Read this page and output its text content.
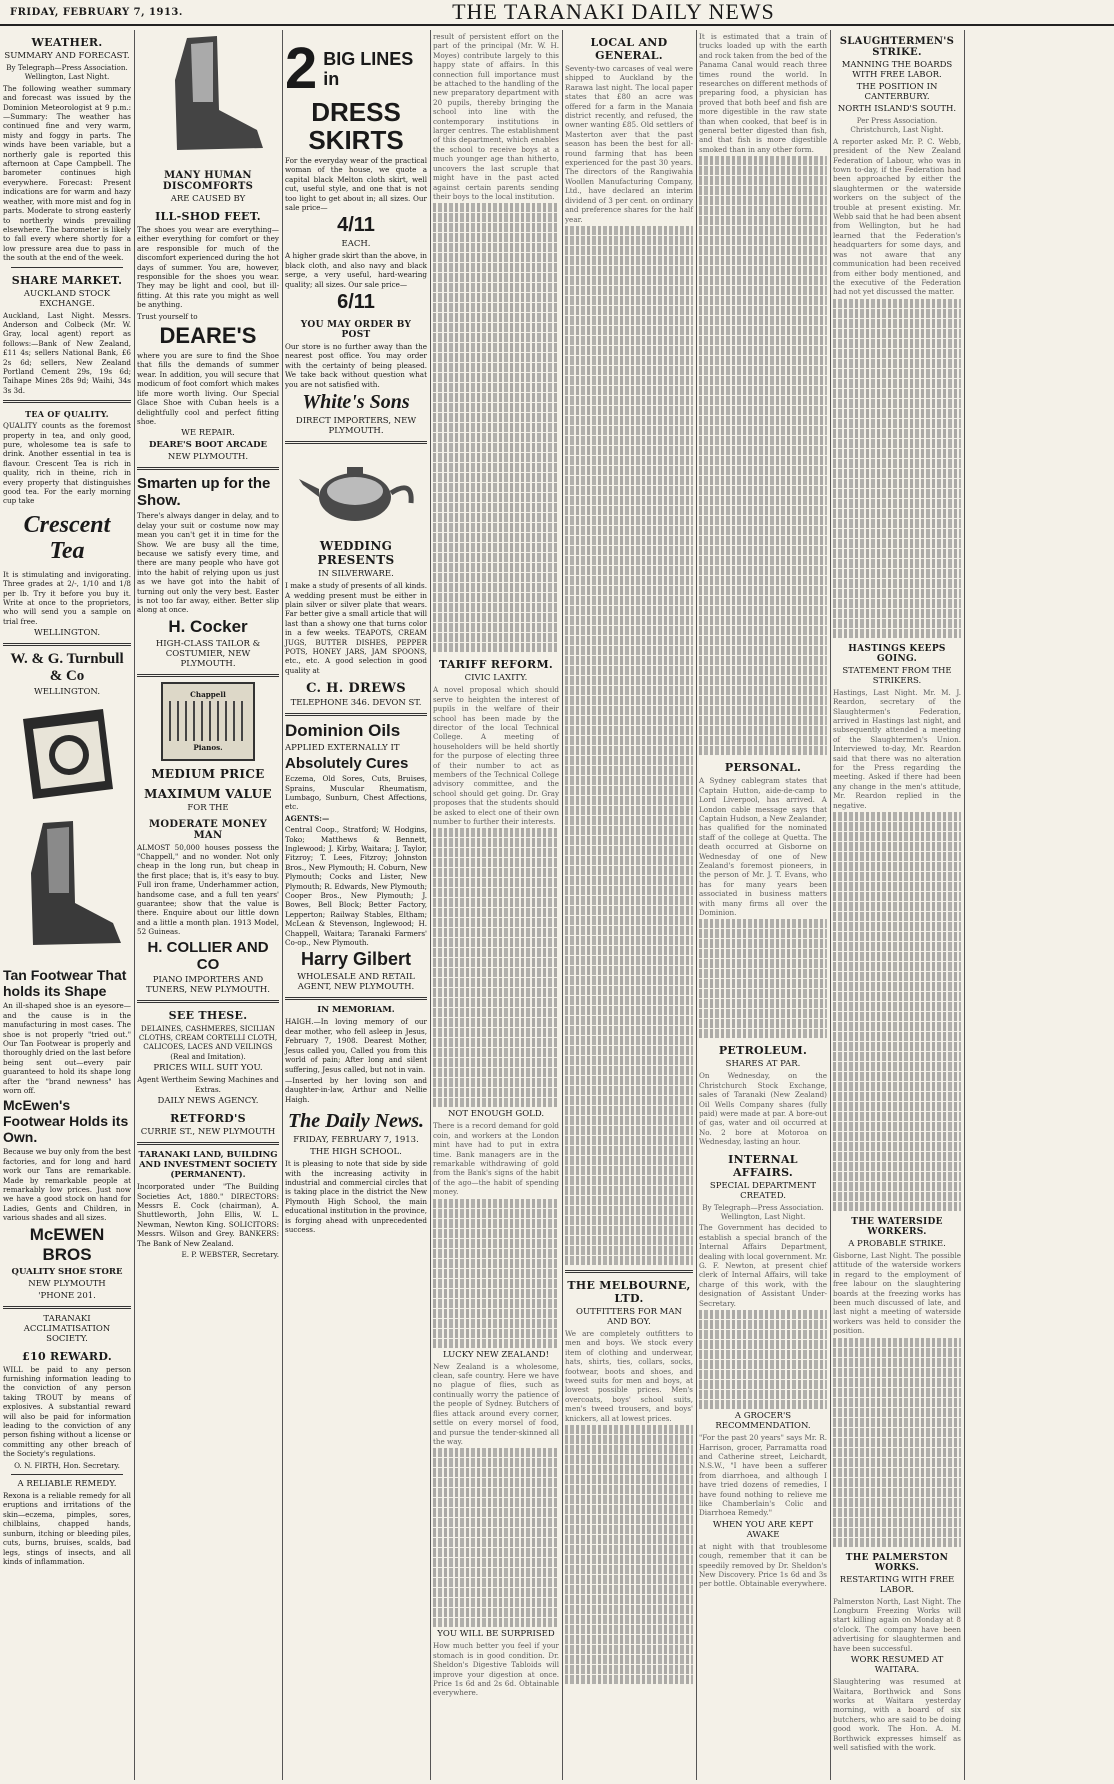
FRIDAY, FEBRUARY 7, 1913.	THE TARANAKI DAILY NEWS
WEATHER.
SUMMARY AND FORECAST.
By Telegraph—Press Association. Wellington, Last Night.
The following weather summary and forecast was issued by the Dominion Meteorologist at 9 p.m.:—Summary: The weather has continued fine and very warm, misty and foggy in parts. The winds have been variable, but a northerly gale is reported this afternoon at Cape Campbell. The barometer continues high everywhere. Forecast: Present indications are for warm and hazy weather, with more mist and fog in parts. Moderate to strong easterly to northerly winds prevailing elsewhere. The barometer is likely to fall every where shortly for a low pressure area due to pass in the south at the end of the week.
SHARE MARKET.
AUCKLAND STOCK EXCHANGE.
Auckland, Last Night. Messrs. Anderson and Colbeck (Mr. W. Gray, local agent) report as follows:—Bank of New Zealand, £11 4s; sellers National Bank, £6 2s 6d; sellers, New Zealand Portland Cement 29s, 19s 6d; Taihape Mines 28s 9d; Waihi, 34s 3s 3d.
TEA OF QUALITY.
QUALITY counts as the foremost property in tea, and only good, pure, wholesome tea is safe to drink. Another essential in tea is flavour. Crescent Tea is rich in quality, rich in theine, rich in every property that distinguishes good tea. For the early morning cup take
Crescent Tea
It is stimulating and invigorating. Three grades at 2/-, 1/10 and 1/8 per lb. Try it before you buy it. Write at once to the proprietors, who will send you a sample on trial free.
WELLINGTON.
W. & G. Turnbull & Co
WELLINGTON.

Tan Footwear That holds its Shape
An ill-shaped shoe is an eyesore—and the cause is in the manufacturing in most cases. The shoe is not properly "tried out." Our Tan Footwear is properly and thoroughly dried on the last before being sent out—every pair guaranteed to hold its shape long after the "brand newness" has worn off.
McEwen's Footwear Holds its Own.
Because we buy only from the best factories, and for long and hard work our Tans are remarkable. Made by remarkable people at remarkably low prices. Just now we have a good stock on hand for Ladies, Gents and Children, in various shades and all sizes.
McEWEN BROS
QUALITY SHOE STORE
NEW PLYMOUTH
'PHONE 201.
TARANAKI ACCLIMATISATION SOCIETY.
£10 REWARD.
WILL be paid to any person furnishing information leading to the conviction of any person taking TROUT by means of explosives. A substantial reward will also be paid for information leading to the conviction of any person fishing without a license or committing any other breach of the Society's regulations.
O. N. FIRTH, Hon. Secretary.
A RELIABLE REMEDY.
Rexona is a reliable remedy for all eruptions and irritations of the skin—eczema, pimples, sores, chilblains, chapped hands, sunburn, itching or bleeding piles, cuts, burns, bruises, scalds, bad legs, stings of insects, and all kinds of inflammation.
MANY HUMAN DISCOMFORTS
ARE CAUSED BY
ILL-SHOD FEET.
The shoes you wear are everything—either everything for comfort or they are responsible for much of the discomfort experienced during the hot days of summer. You are, however, responsible for the shoes you wear. They may be light and cool, but ill-fitting. At this rate you might as well be anything.
Trust yourself to
DEARE'S
where you are sure to find the Shoe that fills the demands of summer wear. In addition, you will secure that modicum of foot comfort which makes life more worth living. Our Special Glace Shoe with Cuban heels is a delightfully cool and perfect fitting shoe.
WE REPAIR.
DEARE'S BOOT ARCADE
NEW PLYMOUTH.
Smarten up for the Show.
There's always danger in delay, and to delay your suit or costume now may mean you can't get it in time for the Show. We are busy all the time, because we satisfy every time, and there are many people who have got into the habit of relying upon us just as we have got into the habit of turning out only the very best. Easter is not too far away, either. Better slip along at once.
H. Cocker
HIGH-CLASS TAILOR & COSTUMIER, NEW PLYMOUTH.
Chappell
Pianos.
MEDIUM PRICE
MAXIMUM VALUE
FOR THE
MODERATE MONEY MAN
ALMOST 50,000 houses possess the "Chappell," and no wonder. Not only cheap in the long run, but cheap in the first place; that is, it's easy to buy. Full iron frame, Underhammer action, handsome case, and a full ten years' guarantee; show that the value is there. Enquire about our little down and a little a month plan. 1913 Model, 52 Guineas.
H. COLLIER AND CO
PIANO IMPORTERS AND TUNERS, NEW PLYMOUTH.
SEE THESE.
DELAINES, CASHMERES, SICILIAN CLOTHS, CREAM CORTELLI CLOTH, CALICOES, LACES AND VEILINGS (Real and Imitation).
PRICES WILL SUIT YOU.
Agent Wertheim Sewing Machines and Extras.
DAILY NEWS AGENCY.
RETFORD'S
CURRIE ST., NEW PLYMOUTH
TARANAKI LAND, BUILDING AND INVESTMENT SOCIETY (PERMANENT).
Incorporated under "The Building Societies Act, 1880." DIRECTORS: Messrs E. Cock (chairman), A. Shuttleworth, John Ellis, W. L. Newman, Newton King. SOLICITORS: Messrs. Wilson and Grey. BANKERS: The Bank of New Zealand.
E. P. WEBSTER, Secretary.
2 BIG LINES in
DRESS SKIRTS
For the everyday wear of the practical woman of the house, we quote a capital black Melton cloth skirt, well cut, useful style, and one that is not too light to get about in; all sizes. Our sale price—
4/11
EACH.
A higher grade skirt than the above, in black cloth, and also navy and black serge, a very useful, hard-wearing quality; all sizes. Our sale price—
6/11
YOU MAY ORDER BY POST
Our store is no further away than the nearest post office. You may order with the certainty of being pleased. We take back without question what you are not satisfied with.
White's Sons
DIRECT IMPORTERS, NEW PLYMOUTH.
WEDDING PRESENTS
IN SILVERWARE.
I make a study of presents of all kinds. A wedding present must be either in plain silver or silver plate that wears. Far better give a small article that will last than a showy one that turns color in a few weeks. TEAPOTS, CREAM JUGS, BUTTER DISHES, PEPPER POTS, HONEY JARS, JAM SPOONS, etc., etc. A good selection in good quality at
C. H. DREWS
TELEPHONE 346. DEVON ST.
Dominion Oils
APPLIED EXTERNALLY IT
Absolutely Cures
Eczema, Old Sores, Cuts, Bruises, Sprains, Muscular Rheumatism, Lumbago, Sunburn, Chest Affections, etc.
AGENTS:—
Central Coop., Stratford; W. Hodgins, Toko; Matthews & Bennett, Inglewood; J. Kirby, Waitara; J. Taylor, Fitzroy; T. Lees, Fitzroy; Johnston Bros., New Plymouth; H. Coburn, New Plymouth; Cocks and Lister, New Plymouth; R. Edwards, New Plymouth; Cooper Bros., New Plymouth; J. Bowes, Bell Block; Better Factory, Lepperton; Railway Stables, Eltham; McLean & Stevenson, Inglewood; H. Chappell, Waitara; Taranaki Farmers' Co-op., New Plymouth.
Harry Gilbert
WHOLESALE AND RETAIL AGENT, NEW PLYMOUTH.
IN MEMORIAM.
HAIGH.—In loving memory of our dear mother, who fell asleep in Jesus, February 7, 1908. Dearest Mother, Jesus called you, Called you from this world of pain; After long and silent suffering, Jesus called, but not in vain.
—Inserted by her loving son and daughter-in-law, Arthur and Nellie Haigh.
The Daily News.
FRIDAY, FEBRUARY 7, 1913.
THE HIGH SCHOOL.
It is pleasing to note that side by side with the increasing activity in industrial and commercial circles that is taking place in the district the New Plymouth High School, the main educational institution in the province, is forging ahead with unprecedented success.
result of persistent effort on the part of the principal (Mr. W. H. Moyes) contribute largely to this happy state of affairs. In this connection full importance must be attached to the handling of the new preparatory department with 20 pupils, thereby bringing the school into line with the contemporary institutions in larger centres. The establishment of this department, which enables the school to receive boys at a much younger age than hitherto, uncovers the last scruple that might have in the past acted against certain parents sending their boys to the local institution.
TARIFF REFORM.
CIVIC LAXITY.
A novel proposal which should serve to heighten the interest of pupils in the welfare of their school has been made by the director of the local Technical College. A meeting of householders will be held shortly for the purpose of electing three of their number to act as members of the Technical College advisory committee, and the school should get going. Dr. Gray proposes that the students should be asked to elect one of their own number to further their interests.
NOT ENOUGH GOLD.
There is a record demand for gold coin, and workers at the London mint have had to put in extra time. Bank managers are in the remarkable withdrawing of gold from the Bank's signs of the habit of the ago—the habit of spending money.
LUCKY NEW ZEALAND!
New Zealand is a wholesome, clean, safe country. Here we have no plague of flies, such as continually worry the patience of the people of Sydney. Butchers of flies attack around every corner, settle on every morsel of food, and pursue the tender-skinned all the way.
YOU WILL BE SURPRISED
How much better you feel if your stomach is in good condition. Dr. Sheldon's Digestive Tabloids will improve your digestion at once. Price 1s 6d and 2s 6d. Obtainable everywhere.
LOCAL AND GENERAL.
Seventy-two carcases of veal were shipped to Auckland by the Rarawa last night. The local paper states that £80 an acre was offered for a farm in the Manaia district recently, and refused, the owner wanting £85. Old settlers of Masterton aver that the past season has been the best for all-round farming that has been experienced for the past 30 years. The directors of the Rangiwahia Woollen Manufacturing Company, Ltd., have declared an interim dividend of 3 per cent. on ordinary and preference shares for the half year.
THE MELBOURNE, LTD.
OUTFITTERS FOR MAN AND BOY.
We are completely outfitters to men and boys. We stock every item of clothing and underwear, hats, shirts, ties, collars, socks, footwear, boots and shoes, and tweed suits for men and boys, at lowest possible prices. Men's overcoats, boys' school suits, men's tweed trousers, and boys' knickers, all at lowest prices.
It is estimated that a train of trucks loaded up with the earth and rock taken from the bed of the Panama Canal would reach three times round the world. In researches on different methods of preparing food, a physician has proved that both beef and fish are more digestible in the raw state than when cooked, that beef is in general better digested than fish, and that fish is more digestible smoked than in any other form.
PERSONAL.
A Sydney cablegram states that Captain Hutton, aide-de-camp to Lord Liverpool, has arrived. A London cable message says that Captain Hudson, a New Zealander, has qualified for the nominated staff of the college at Quetta. The death occurred at Gisborne on Wednesday of one of New Zealand's foremost pioneers, in the person of Mr. J. T. Evans, who has for many years been associated in business matters with many firms all over the Dominion.
PETROLEUM.
SHARES AT PAR.
On Wednesday, on the Christchurch Stock Exchange, sales of Taranaki (New Zealand) Oil Wells Company shares (fully paid) were made at par. A bore-out of gas, water and oil occurred at No. 2 bore at Motoroa on Wednesday, lasting an hour.
INTERNAL AFFAIRS.
SPECIAL DEPARTMENT CREATED.
By Telegraph—Press Association. Wellington, Last Night.
The Government has decided to establish a special branch of the Internal Affairs Department, dealing with local government. Mr. G. F. Newton, at present chief clerk of Internal Affairs, will take charge of this work, with the designation of Assistant Under-Secretary.
A GROCER'S RECOMMENDATION.
"For the past 20 years" says Mr. R. Harrison, grocer, Parramatta road and Catherine street, Leichardt, N.S.W., "I have been a sufferer from diarrhoea, and although I have tried dozens of remedies, I have found nothing to relieve me like Chamberlain's Colic and Diarrhoea Remedy."
WHEN YOU ARE KEPT AWAKE
at night with that troublesome cough, remember that it can be speedily removed by Dr. Sheldon's New Discovery. Price 1s 6d and 3s per bottle. Obtainable everywhere.
SLAUGHTERMEN'S STRIKE.
MANNING THE BOARDS WITH FREE LABOR.
THE POSITION IN CANTERBURY.
NORTH ISLAND'S SOUTH.
Per Press Association. Christchurch, Last Night.
A reporter asked Mr. P. C. Webb, president of the New Zealand Federation of Labour, who was in town to-day, if the Federation had been approached by either the slaughtermen or the waterside workers on the subject of the trouble at present existing. Mr. Webb said that he had been absent from Wellington, but he had learned that the Federation's headquarters for some days, and was not aware that any communication had been received from either body mentioned, and the executive of the Federation had not yet discussed the matter.
HASTINGS KEEPS GOING.
STATEMENT FROM THE STRIKERS.
Hastings, Last Night. Mr. M. J. Reardon, secretary of the Slaughtermen's Federation, arrived in Hastings last night, and subsequently attended a meeting of the Slaughtermen's Union. Interviewed to-day, Mr. Reardon said that there was no alteration for the Press regarding the meeting. Asked if there had been any change in the men's attitude, Mr. Reardon replied in the negative.
THE WATERSIDE WORKERS.
A PROBABLE STRIKE.
Gisborne, Last Night. The possible attitude of the waterside workers in regard to the employment of free labour on the slaughtering boards at the freezing works has been much discussed of late, and last night a meeting of waterside workers was held to consider the position.
THE PALMERSTON WORKS.
RESTARTING WITH FREE LABOR.
Palmerston North, Last Night. The Longburn Freezing Works will start killing again on Monday at 8 o'clock. The company have been advertising for slaughtermen and have been successful.
WORK RESUMED AT WAITARA.
Slaughtering was resumed at Waitara, Borthwick and Sons works at Waitara yesterday morning, with a board of six butchers, who are said to be doing good work. The Hon. A. M. Borthwick expresses himself as well satisfied with the work.
